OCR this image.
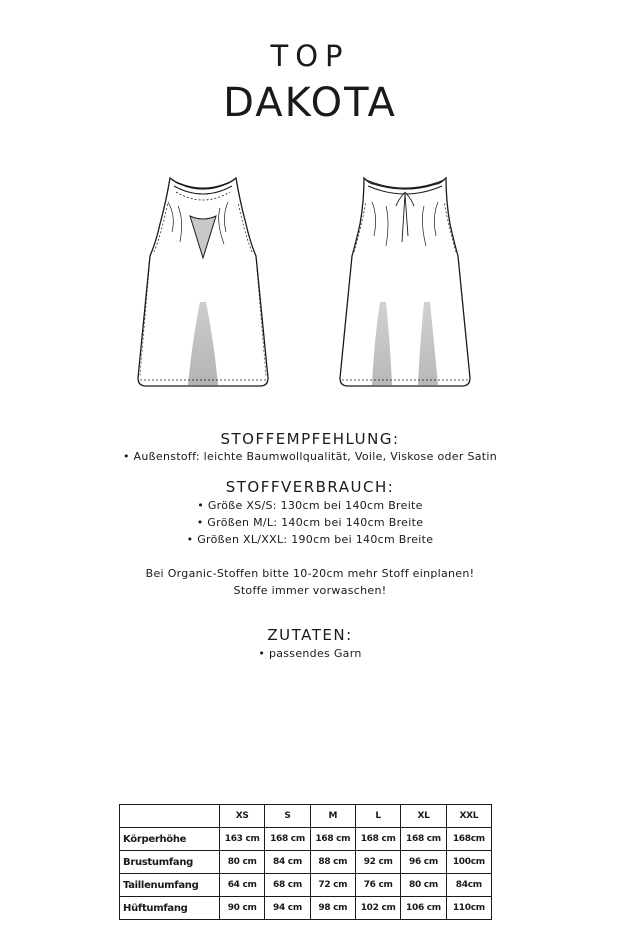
TOP
DAKOTA
STOFFEMPFEHLUNG:
• Außenstoff: leichte Baumwollqualität, Voile, Viskose oder Satin
STOFFVERBRAUCH:
• Größe XS/S: 130cm bei 140cm Breite
• Größen M/L: 140cm bei 140cm Breite
• Größen XL/XXL: 190cm bei 140cm Breite
Bei Organic-Stoffen bitte 10-20cm mehr Stoff einplanen!
Stoffe immer vorwaschen!
ZUTATEN:
• passendes Garn
	XS	S	M	L	XL	XXL
Körperhöhe	163 cm	168 cm	168 cm	168 cm	168 cm	168cm
Brustumfang	80 cm	84 cm	88 cm	92 cm	96 cm	100cm
Taillenumfang	64 cm	68 cm	72 cm	76 cm	80 cm	84cm
Hüftumfang	90 cm	94 cm	98 cm	102 cm	106 cm	110cm
